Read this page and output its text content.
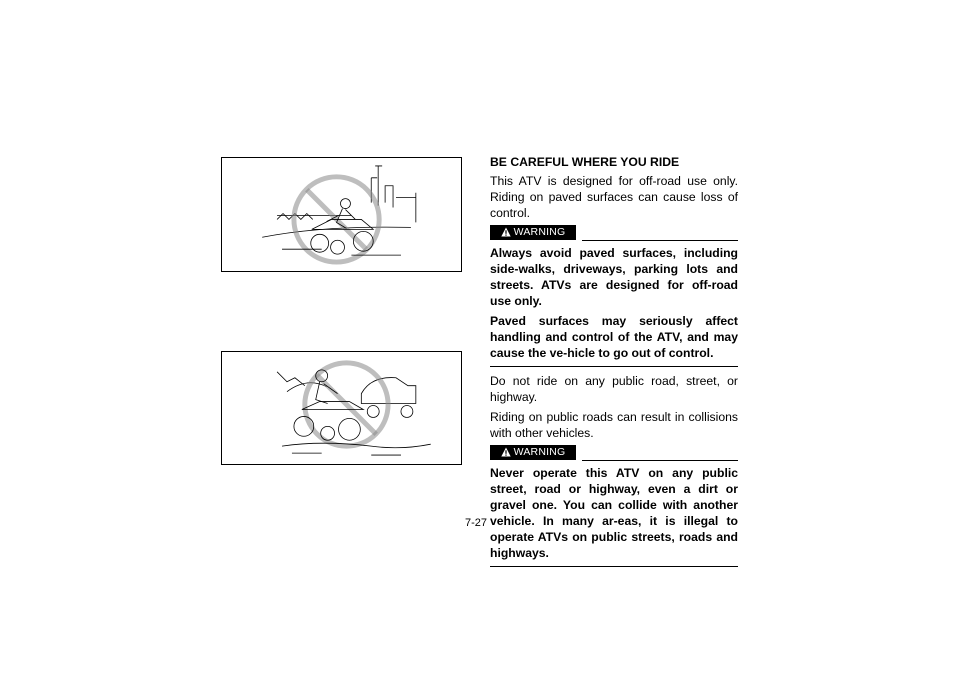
BE CAREFUL WHERE YOU RIDE
This ATV is designed for off-road use only. Riding on paved surfaces can cause loss of control.
WARNING
Always avoid paved surfaces, including side-walks, driveways, parking lots and streets. ATVs are designed for off-road use only.
Paved surfaces may seriously affect handling and control of the ATV, and may cause the ve-hicle to go out of control.
Do not ride on any public road, street, or highway.
Riding on public roads can result in collisions with other vehicles.
WARNING
Never operate this ATV on any public street, road or highway, even a dirt or gravel one. You can collide with another vehicle. In many ar-eas, it is illegal to operate ATVs on public streets, roads and highways.
7-27
